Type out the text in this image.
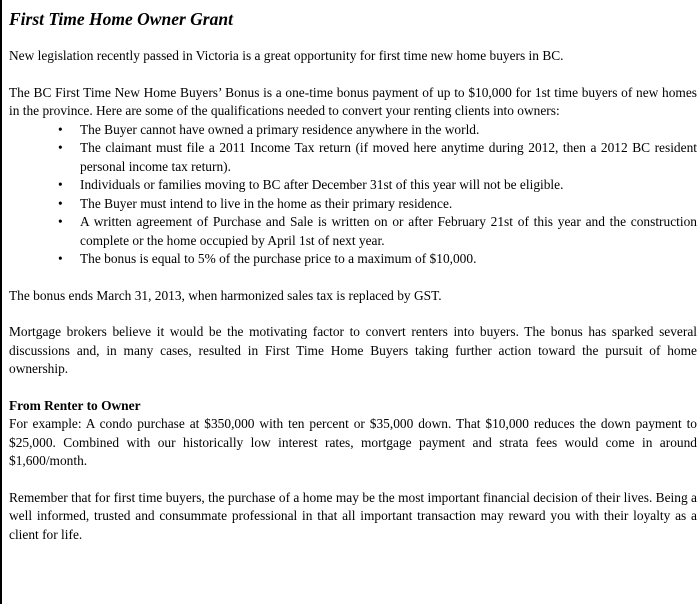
First Time Home Owner Grant

New legislation recently passed in Victoria is a great opportunity for first time new home buyers in BC.

The BC First Time New Home Buyers’ Bonus is a one-time bonus payment of up to $10,000 for 1st time buyers of new homes in the province. Here are some of the qualifications needed to convert your renting clients into owners:

• The Buyer cannot have owned a primary residence anywhere in the world.
• The claimant must file a 2011 Income Tax return (if moved here anytime during 2012, then a 2012 BC resident personal income tax return).
• Individuals or families moving to BC after December 31st of this year will not be eligible.
• The Buyer must intend to live in the home as their primary residence.
• A written agreement of Purchase and Sale is written on or after February 21st of this year and the construction complete or the home occupied by April 1st of next year.
• The bonus is equal to 5% of the purchase price to a maximum of $10,000.

The bonus ends March 31, 2013, when harmonized sales tax is replaced by GST.

Mortgage brokers believe it would be the motivating factor to convert renters into buyers. The bonus has sparked several discussions and, in many cases, resulted in First Time Home Buyers taking further action toward the pursuit of home ownership.

From Renter to Owner
For example: A condo purchase at $350,000 with ten percent or $35,000 down. That $10,000 reduces the down payment to $25,000. Combined with our historically low interest rates, mortgage payment and strata fees would come in around $1,600/month.

Remember that for first time buyers, the purchase of a home may be the most important financial decision of their lives. Being a well informed, trusted and consummate professional in that all important transaction may reward you with their loyalty as a client for life.
